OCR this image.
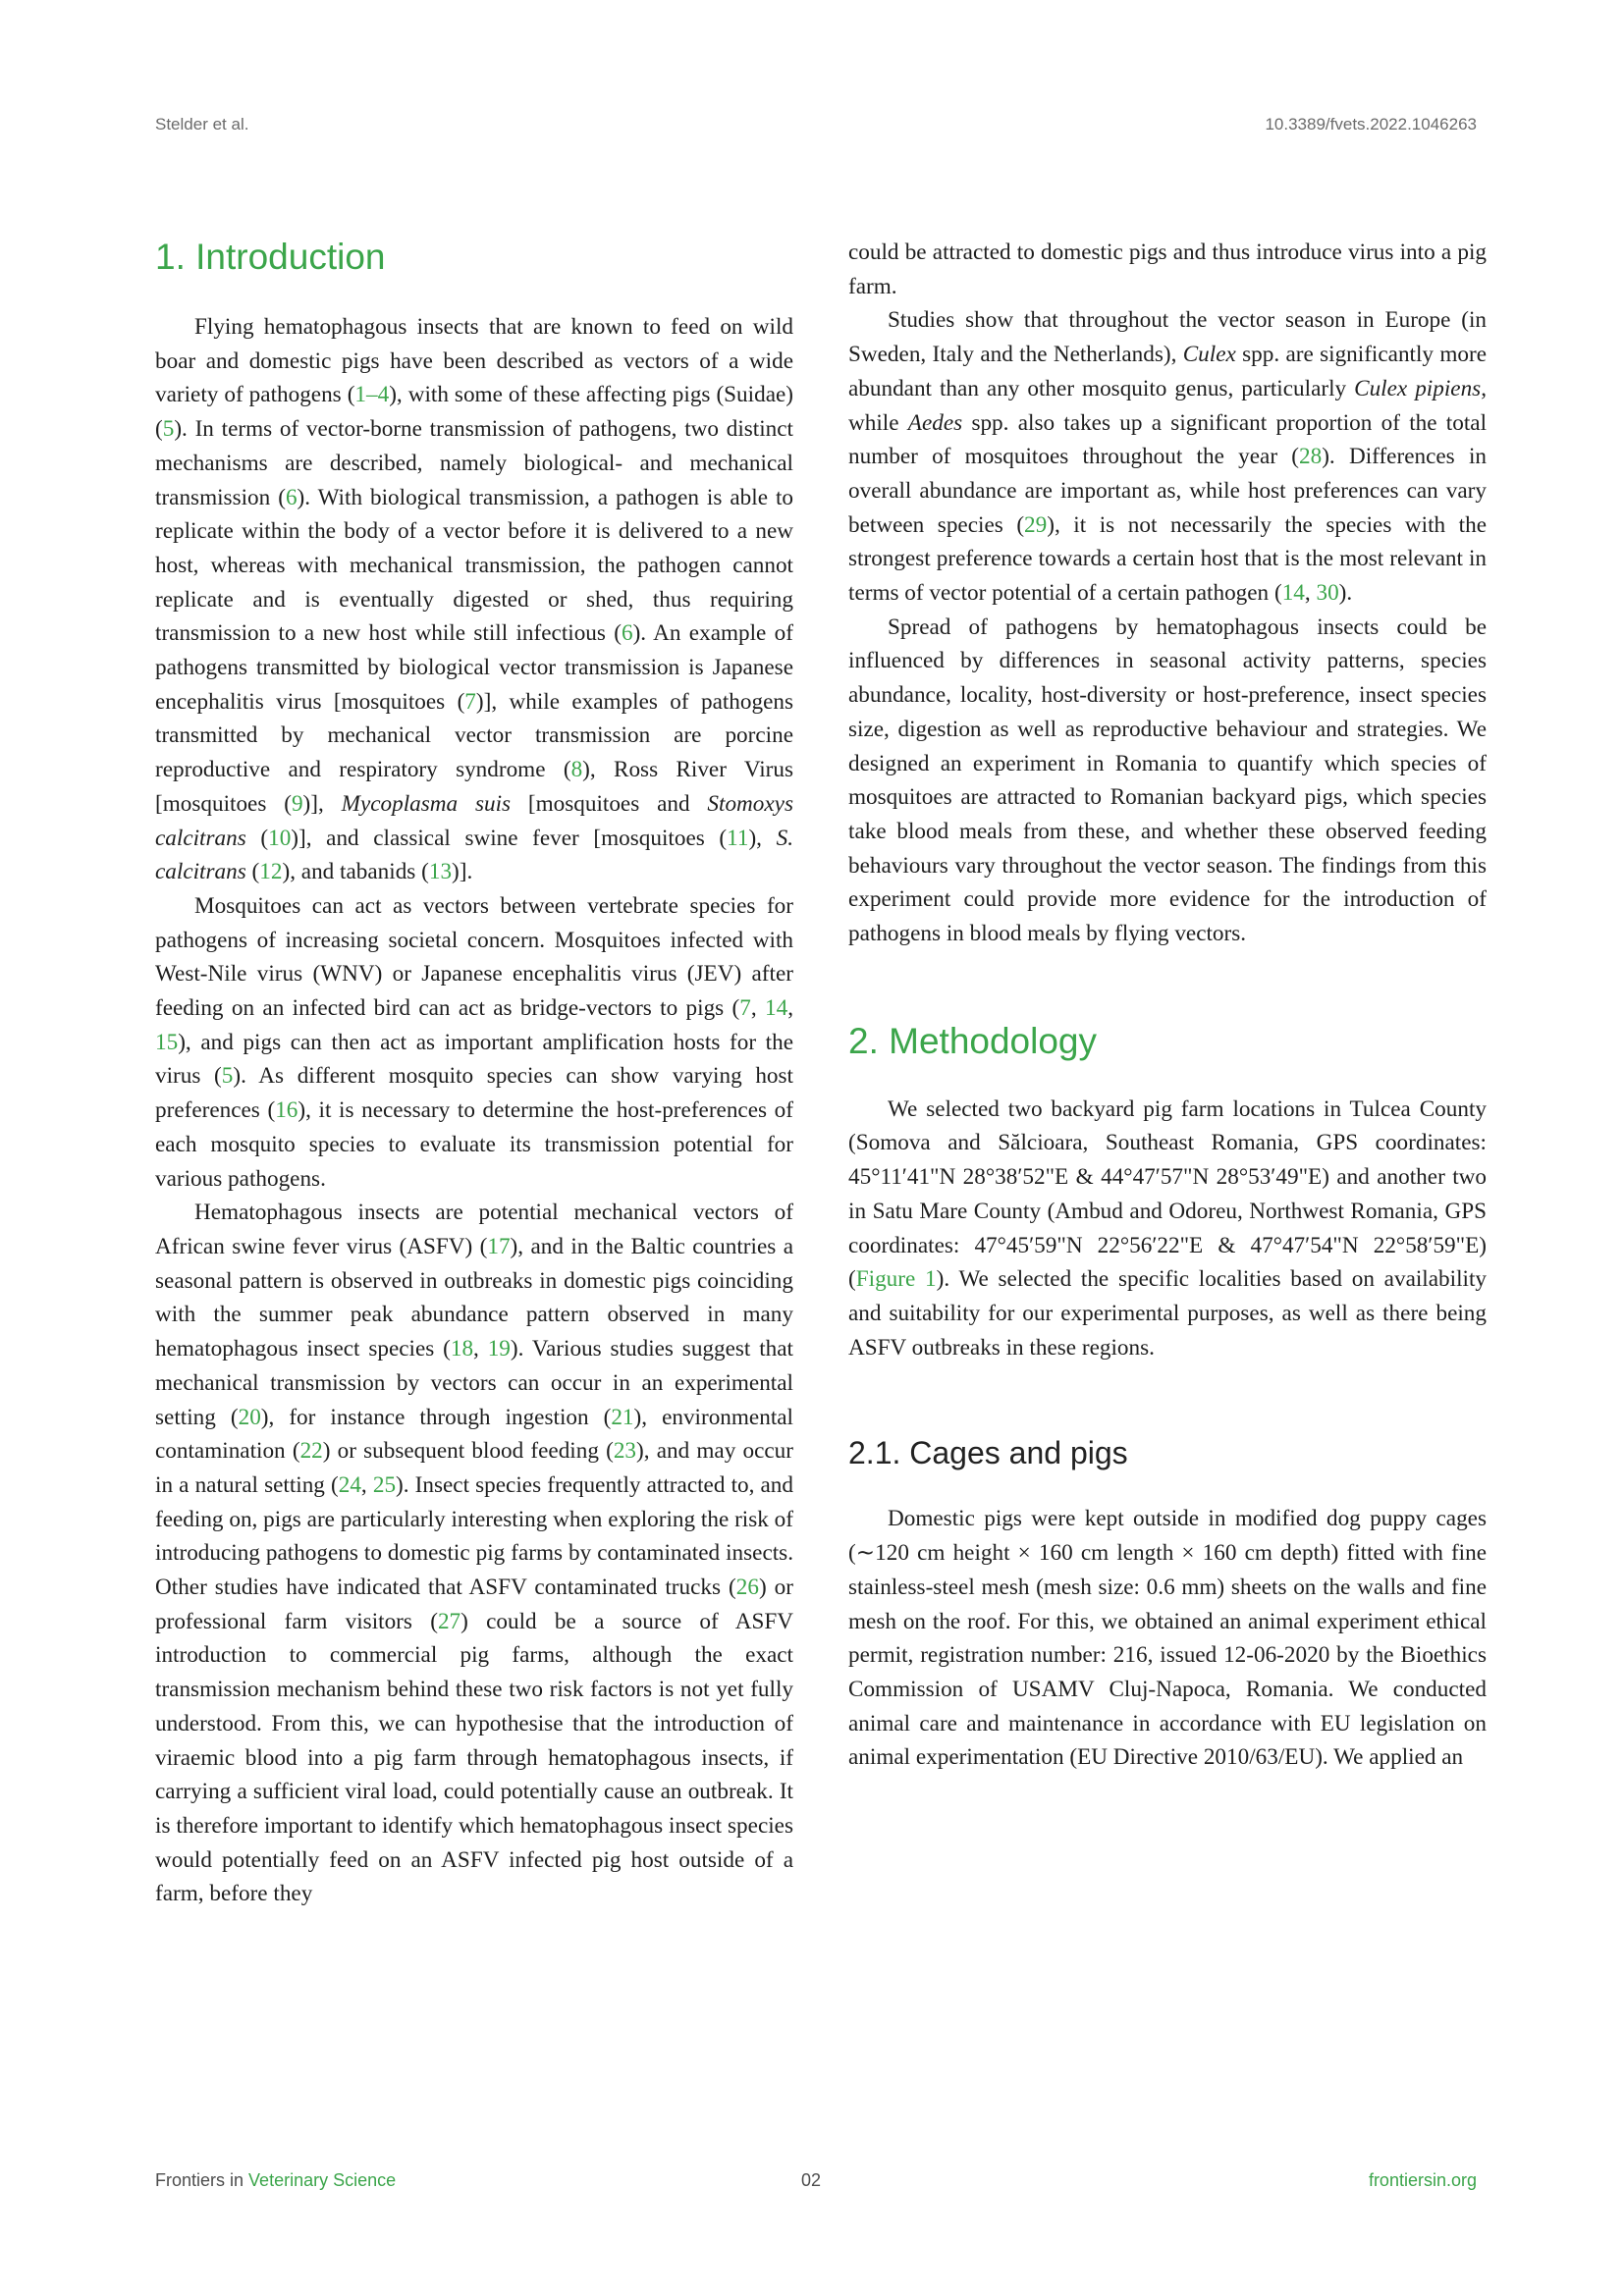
Stelder et al.	10.3389/fvets.2022.1046263
1. Introduction

Flying hematophagous insects that are known to feed on wild boar and domestic pigs have been described as vectors of a wide variety of pathogens (1–4), with some of these affecting pigs (Suidae) (5). In terms of vector-borne transmission of pathogens, two distinct mechanisms are described, namely biological- and mechanical transmission (6). With biological transmission, a pathogen is able to replicate within the body of a vector before it is delivered to a new host, whereas with mechanical transmission, the pathogen cannot replicate and is eventually digested or shed, thus requiring transmission to a new host while still infectious (6). An example of pathogens transmitted by biological vector transmission is Japanese encephalitis virus [mosquitoes (7)], while examples of pathogens transmitted by mechanical vector transmission are porcine reproductive and respiratory syndrome (8), Ross River Virus [mosquitoes (9)], Mycoplasma suis [mosquitoes and Stomoxys calcitrans (10)], and classical swine fever [mosquitoes (11), S. calcitrans (12), and tabanids (13)].

Mosquitoes can act as vectors between vertebrate species for pathogens of increasing societal concern. Mosquitoes infected with West-Nile virus (WNV) or Japanese encephalitis virus (JEV) after feeding on an infected bird can act as bridge-vectors to pigs (7, 14, 15), and pigs can then act as important amplification hosts for the virus (5). As different mosquito species can show varying host preferences (16), it is necessary to determine the host-preferences of each mosquito species to evaluate its transmission potential for various pathogens.

Hematophagous insects are potential mechanical vectors of African swine fever virus (ASFV) (17), and in the Baltic countries a seasonal pattern is observed in outbreaks in domestic pigs coinciding with the summer peak abundance pattern observed in many hematophagous insect species (18, 19). Various studies suggest that mechanical transmission by vectors can occur in an experimental setting (20), for instance through ingestion (21), environmental contamination (22) or subsequent blood feeding (23), and may occur in a natural setting (24, 25). Insect species frequently attracted to, and feeding on, pigs are particularly interesting when exploring the risk of introducing pathogens to domestic pig farms by contaminated insects. Other studies have indicated that ASFV contaminated trucks (26) or professional farm visitors (27) could be a source of ASFV introduction to commercial pig farms, although the exact transmission mechanism behind these two risk factors is not yet fully understood. From this, we can hypothesise that the introduction of viraemic blood into a pig farm through hematophagous insects, if carrying a sufficient viral load, could potentially cause an outbreak. It is therefore important to identify which hematophagous insect species would potentially feed on an ASFV infected pig host outside of a farm, before they

could be attracted to domestic pigs and thus introduce virus into a pig farm.

Studies show that throughout the vector season in Europe (in Sweden, Italy and the Netherlands), Culex spp. are significantly more abundant than any other mosquito genus, particularly Culex pipiens, while Aedes spp. also takes up a significant proportion of the total number of mosquitoes throughout the year (28). Differences in overall abundance are important as, while host preferences can vary between species (29), it is not necessarily the species with the strongest preference towards a certain host that is the most relevant in terms of vector potential of a certain pathogen (14, 30).

Spread of pathogens by hematophagous insects could be influenced by differences in seasonal activity patterns, species abundance, locality, host-diversity or host-preference, insect species size, digestion as well as reproductive behaviour and strategies. We designed an experiment in Romania to quantify which species of mosquitoes are attracted to Romanian backyard pigs, which species take blood meals from these, and whether these observed feeding behaviours vary throughout the vector season. The findings from this experiment could provide more evidence for the introduction of pathogens in blood meals by flying vectors.

2. Methodology

We selected two backyard pig farm locations in Tulcea County (Somova and Sălcioara, Southeast Romania, GPS coordinates: 45°11′41"N 28°38′52"E & 44°47′57"N 28°53′49"E) and another two in Satu Mare County (Ambud and Odoreu, Northwest Romania, GPS coordinates: 47°45′59"N 22°56′22"E & 47°47′54"N 22°58′59"E) (Figure 1). We selected the specific localities based on availability and suitability for our experimental purposes, as well as there being ASFV outbreaks in these regions.

2.1. Cages and pigs

Domestic pigs were kept outside in modified dog puppy cages (∼120 cm height × 160 cm length × 160 cm depth) fitted with fine stainless-steel mesh (mesh size: 0.6 mm) sheets on the walls and fine mesh on the roof. For this, we obtained an animal experiment ethical permit, registration number: 216, issued 12-06-2020 by the Bioethics Commission of USAMV Cluj-Napoca, Romania. We conducted animal care and maintenance in accordance with EU legislation on animal experimentation (EU Directive 2010/63/EU). We applied an

Frontiers in Veterinary Science	02	frontiersin.org
